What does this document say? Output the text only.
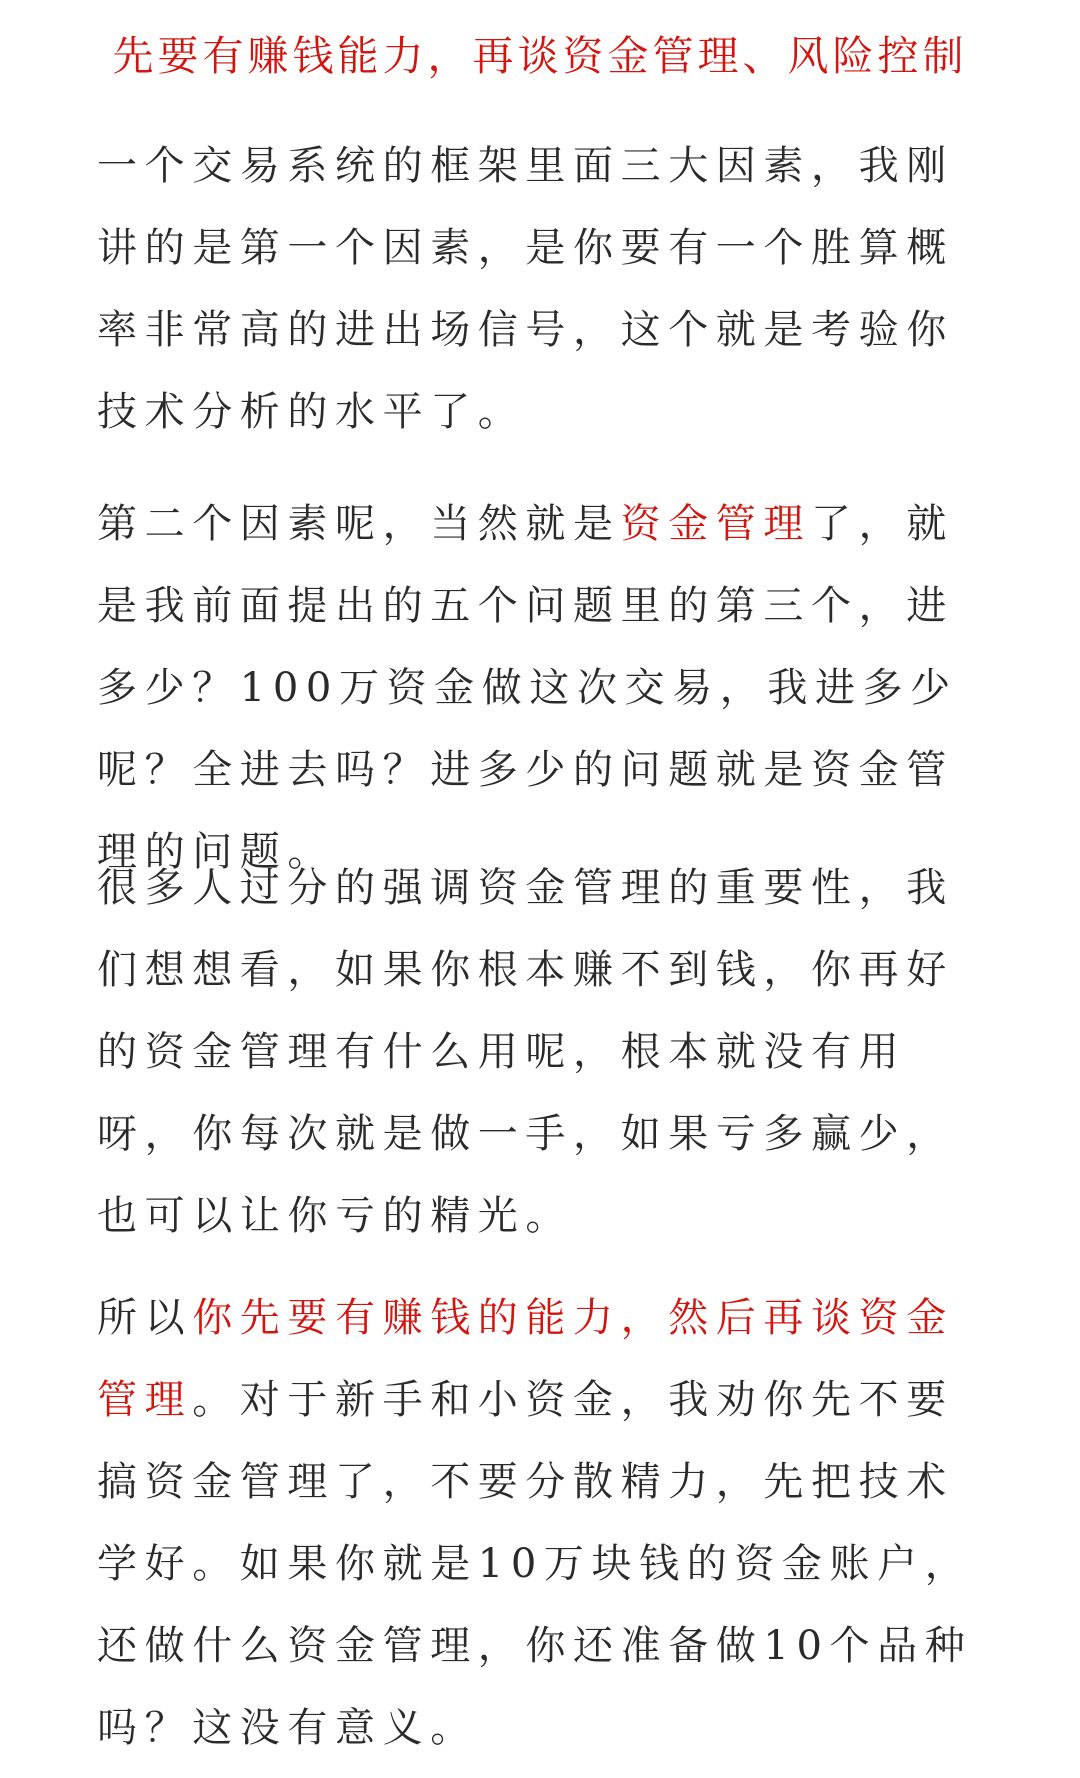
先要有赚钱能力，再谈资金管理、风险控制

一个交易系统的框架里面三大因素，我刚讲的是第一个因素，是你要有一个胜算概率非常高的进出场信号，这个就是考验你技术分析的水平了。

第二个因素呢，当然就是资金管理了，就是我前面提出的五个问题里的第三个，进多少？100万资金做这次交易，我进多少呢？全进去吗？进多少的问题就是资金管理的问题。

很多人过分的强调资金管理的重要性，我们想想看，如果你根本赚不到钱，你再好的资金管理有什么用呢，根本就没有用呀，你每次就是做一手，如果亏多赢少，也可以让你亏的精光。

所以你先要有赚钱的能力，然后再谈资金管理。对于新手和小资金，我劝你先不要搞资金管理了，不要分散精力，先把技术学好。如果你就是10万块钱的资金账户，还做什么资金管理，你还准备做10个品种吗？这没有意义。
